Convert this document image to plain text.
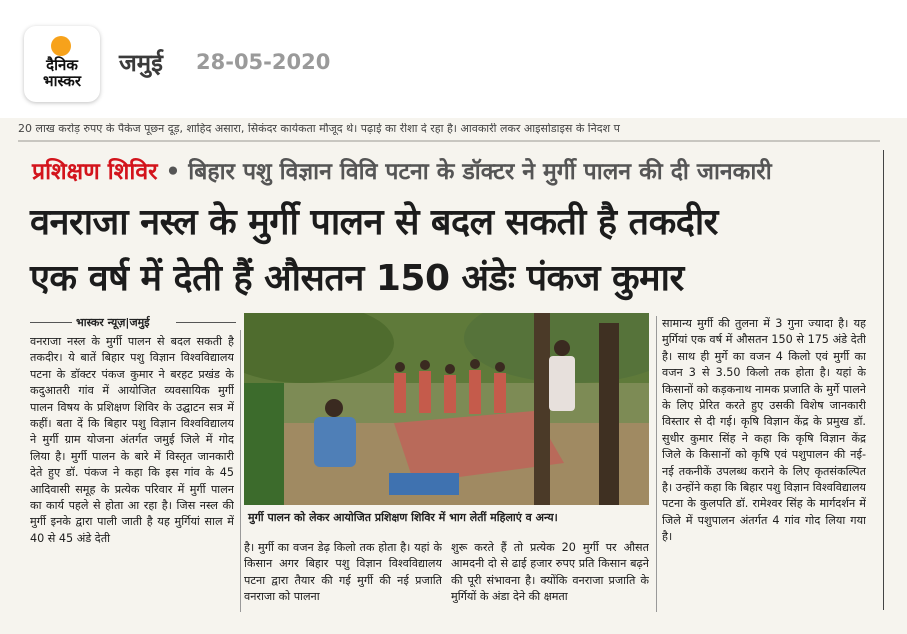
दैनिक
भास्कर
जमुई 28-05-2020
20 लाख करोड़ रुपए के पैकेज पूछन दूड़, शाहिद असारा, सिकंदर कार्यकता मौजूद थे। पढ़ाई का रीशा दे रहा है। आवकारी लकर आइसोडाइस के निदश प
प्रशिक्षण शिविर • बिहार पशु विज्ञान विवि पटना के डॉक्टर ने मुर्गी पालन की दी जानकारी
वनराजा नस्ल के मुर्गी पालन से बदल सकती है तकदीर
एक वर्ष में देती हैं औसतन 150 अंडेः पंकज कुमार
भास्कर न्यूज़|जमुई
वनराजा नस्ल के मुर्गी पालन से बदल सकती है तकदीर। ये बातें बिहार पशु विज्ञान विश्वविद्यालय पटना के डॉक्टर पंकज कुमार ने बरहट प्रखंड के कदुआतरी गांव में आयोजित व्यवसायिक मुर्गी पालन विषय के प्रशिक्षण शिविर के उद्घाटन सत्र में कहीं। बता दें कि बिहार पशु विज्ञान विश्वविद्यालय ने मुर्गी ग्राम योजना अंतर्गत जमुई जिले में गोद लिया है। मुर्गी पालन के बारे में विस्तृत जानकारी देते हुए डॉ. पंकज ने कहा कि इस गांव के 45 आदिवासी समूह के प्रत्येक परिवार में मुर्गी पालन का कार्य पहले से होता आ रहा है। जिस नस्ल की मुर्गी इनके द्वारा पाली जाती है यह मुर्गियां साल में 40 से 45 अंडे देती
मुर्गी पालन को लेकर आयोजित प्रशिक्षण शिविर में भाग लेतीं महिलाएं व अन्य।
है। मुर्गी का वजन डेढ़ किलो तक होता है। यहां के किसान अगर बिहार पशु विज्ञान विश्वविद्यालय पटना द्वारा तैयार की गई मुर्गी की नई प्रजाति वनराजा को पालना
शुरू करते हैं तो प्रत्येक 20 मुर्गी पर औसत आमदनी दो से ढाई हजार रुपए प्रति किसान बढ़ने की पूरी संभावना है। क्योंकि वनराजा प्रजाति के मुर्गियों के अंडा देने की क्षमता
सामान्य मुर्गी की तुलना में 3 गुना ज्यादा है। यह मुर्गियां एक वर्ष में औसतन 150 से 175 अंडे देती है। साथ ही मुर्गे का वजन 4 किलो एवं मुर्गी का वजन 3 से 3.50 किलो तक होता है। यहां के किसानों को कड़कनाथ नामक प्रजाति के मुर्गे पालने के लिए प्रेरित करते हुए उसकी विशेष जानकारी विस्तार से दी गई। कृषि विज्ञान केंद्र के प्रमुख डॉ. सुधीर कुमार सिंह ने कहा कि कृषि विज्ञान केंद्र जिले के किसानों को कृषि एवं पशुपालन की नई-नई तकनीकें उपलब्ध कराने के लिए कृतसंकल्पित है। उन्होंने कहा कि बिहार पशु विज्ञान विश्वविद्यालय पटना के कुलपति डॉ. रामेश्वर सिंह के मार्गदर्शन में जिले में पशुपालन अंतर्गत 4 गांव गोद लिया गया है।
